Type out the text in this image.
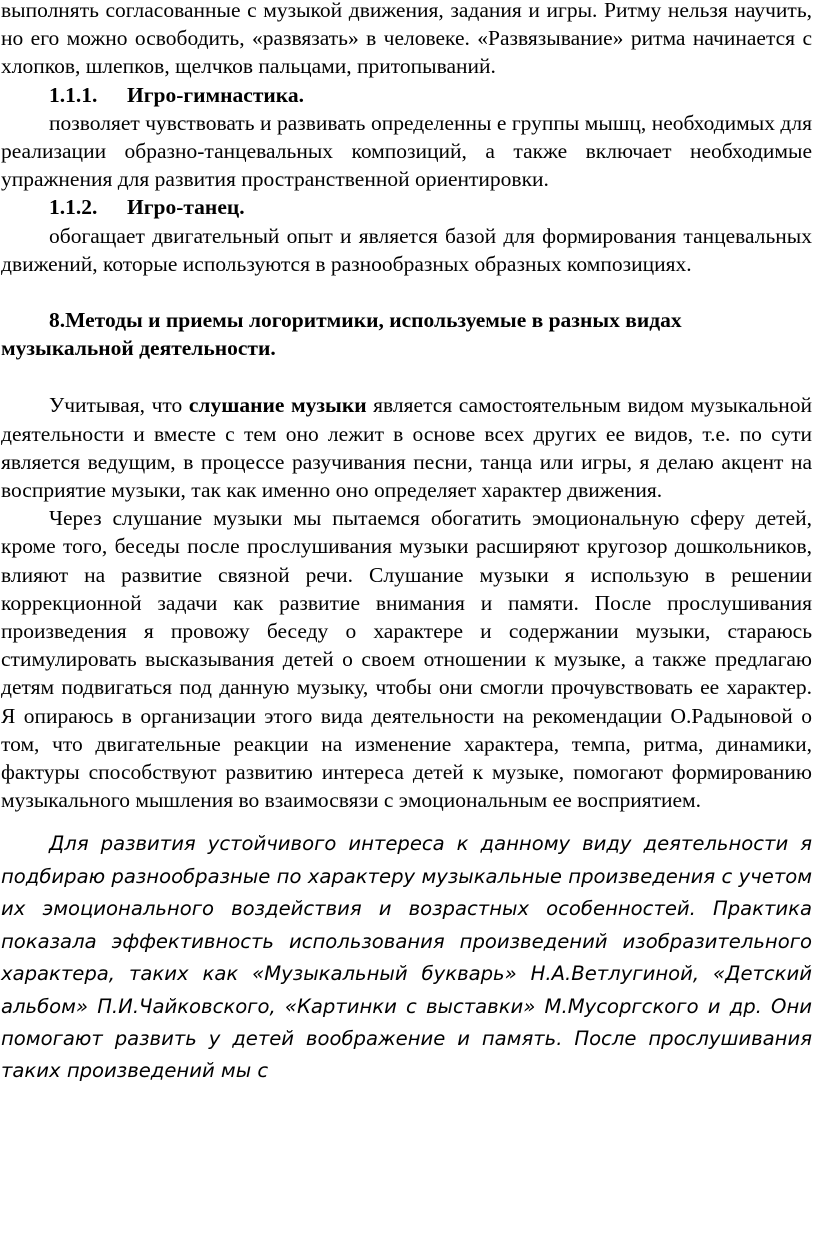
выполнять согласованные с музыкой движения, задания и игры. Ритму нельзя научить, но его можно освободить, «развязать» в человеке. «Развязывание» ритма начинается с хлопков, шлепков, щелчков пальцами, притопываний.

1.1.1. Игро-гимнастика.

позволяет чувствовать и развивать определенны е группы мышц, необходимых для реализации образно-танцевальных композиций, а также включает необходимые упражнения для развития пространственной ориентировки.

1.1.2. Игро-танец.

обогащает двигательный опыт и является базой для формирования танцевальных движений, которые используются в разнообразных образных композициях.

8.Методы и приемы логоритмики, используемые в разных видах
музыкальной деятельности.

Учитывая, что слушание музыки является самостоятельным видом музыкальной деятельности и вместе с тем оно лежит в основе всех других ее видов, т.е. по сути является ведущим, в процессе разучивания песни, танца или игры, я делаю акцент на восприятие музыки, так как именно оно определяет характер движения.

Через слушание музыки мы пытаемся обогатить эмоциональную сферу детей, кроме того, беседы после прослушивания музыки расширяют кругозор дошкольников, влияют на развитие связной речи. Слушание музыки я использую в решении коррекционной задачи как развитие внимания и памяти. После прослушивания произведения я провожу беседу о характере и содержании музыки, стараюсь стимулировать высказывания детей о своем отношении к музыке, а также предлагаю детям подвигаться под данную музыку, чтобы они смогли прочувствовать ее характер. Я опираюсь в организации этого вида деятельности на рекомендации О.Радыновой о том, что двигательные реакции на изменение характера, темпа, ритма, динамики, фактуры способствуют развитию интереса детей к музыке, помогают формированию музыкального мышления во взаимосвязи с эмоциональным ее восприятием.

Для развития устойчивого интереса к данному виду деятельности я подбираю разнообразные по характеру музыкальные произведения с учетом их эмоционального воздействия и возрастных особенностей. Практика показала эффективность использования произведений изобразительного характера, таких как «Музыкальный букварь» Н.А.Ветлугиной, «Детский альбом» П.И.Чайковского, «Картинки с выставки» М.Мусоргского и др. Они помогают развить у детей воображение и память. После прослушивания таких произведений мы с
